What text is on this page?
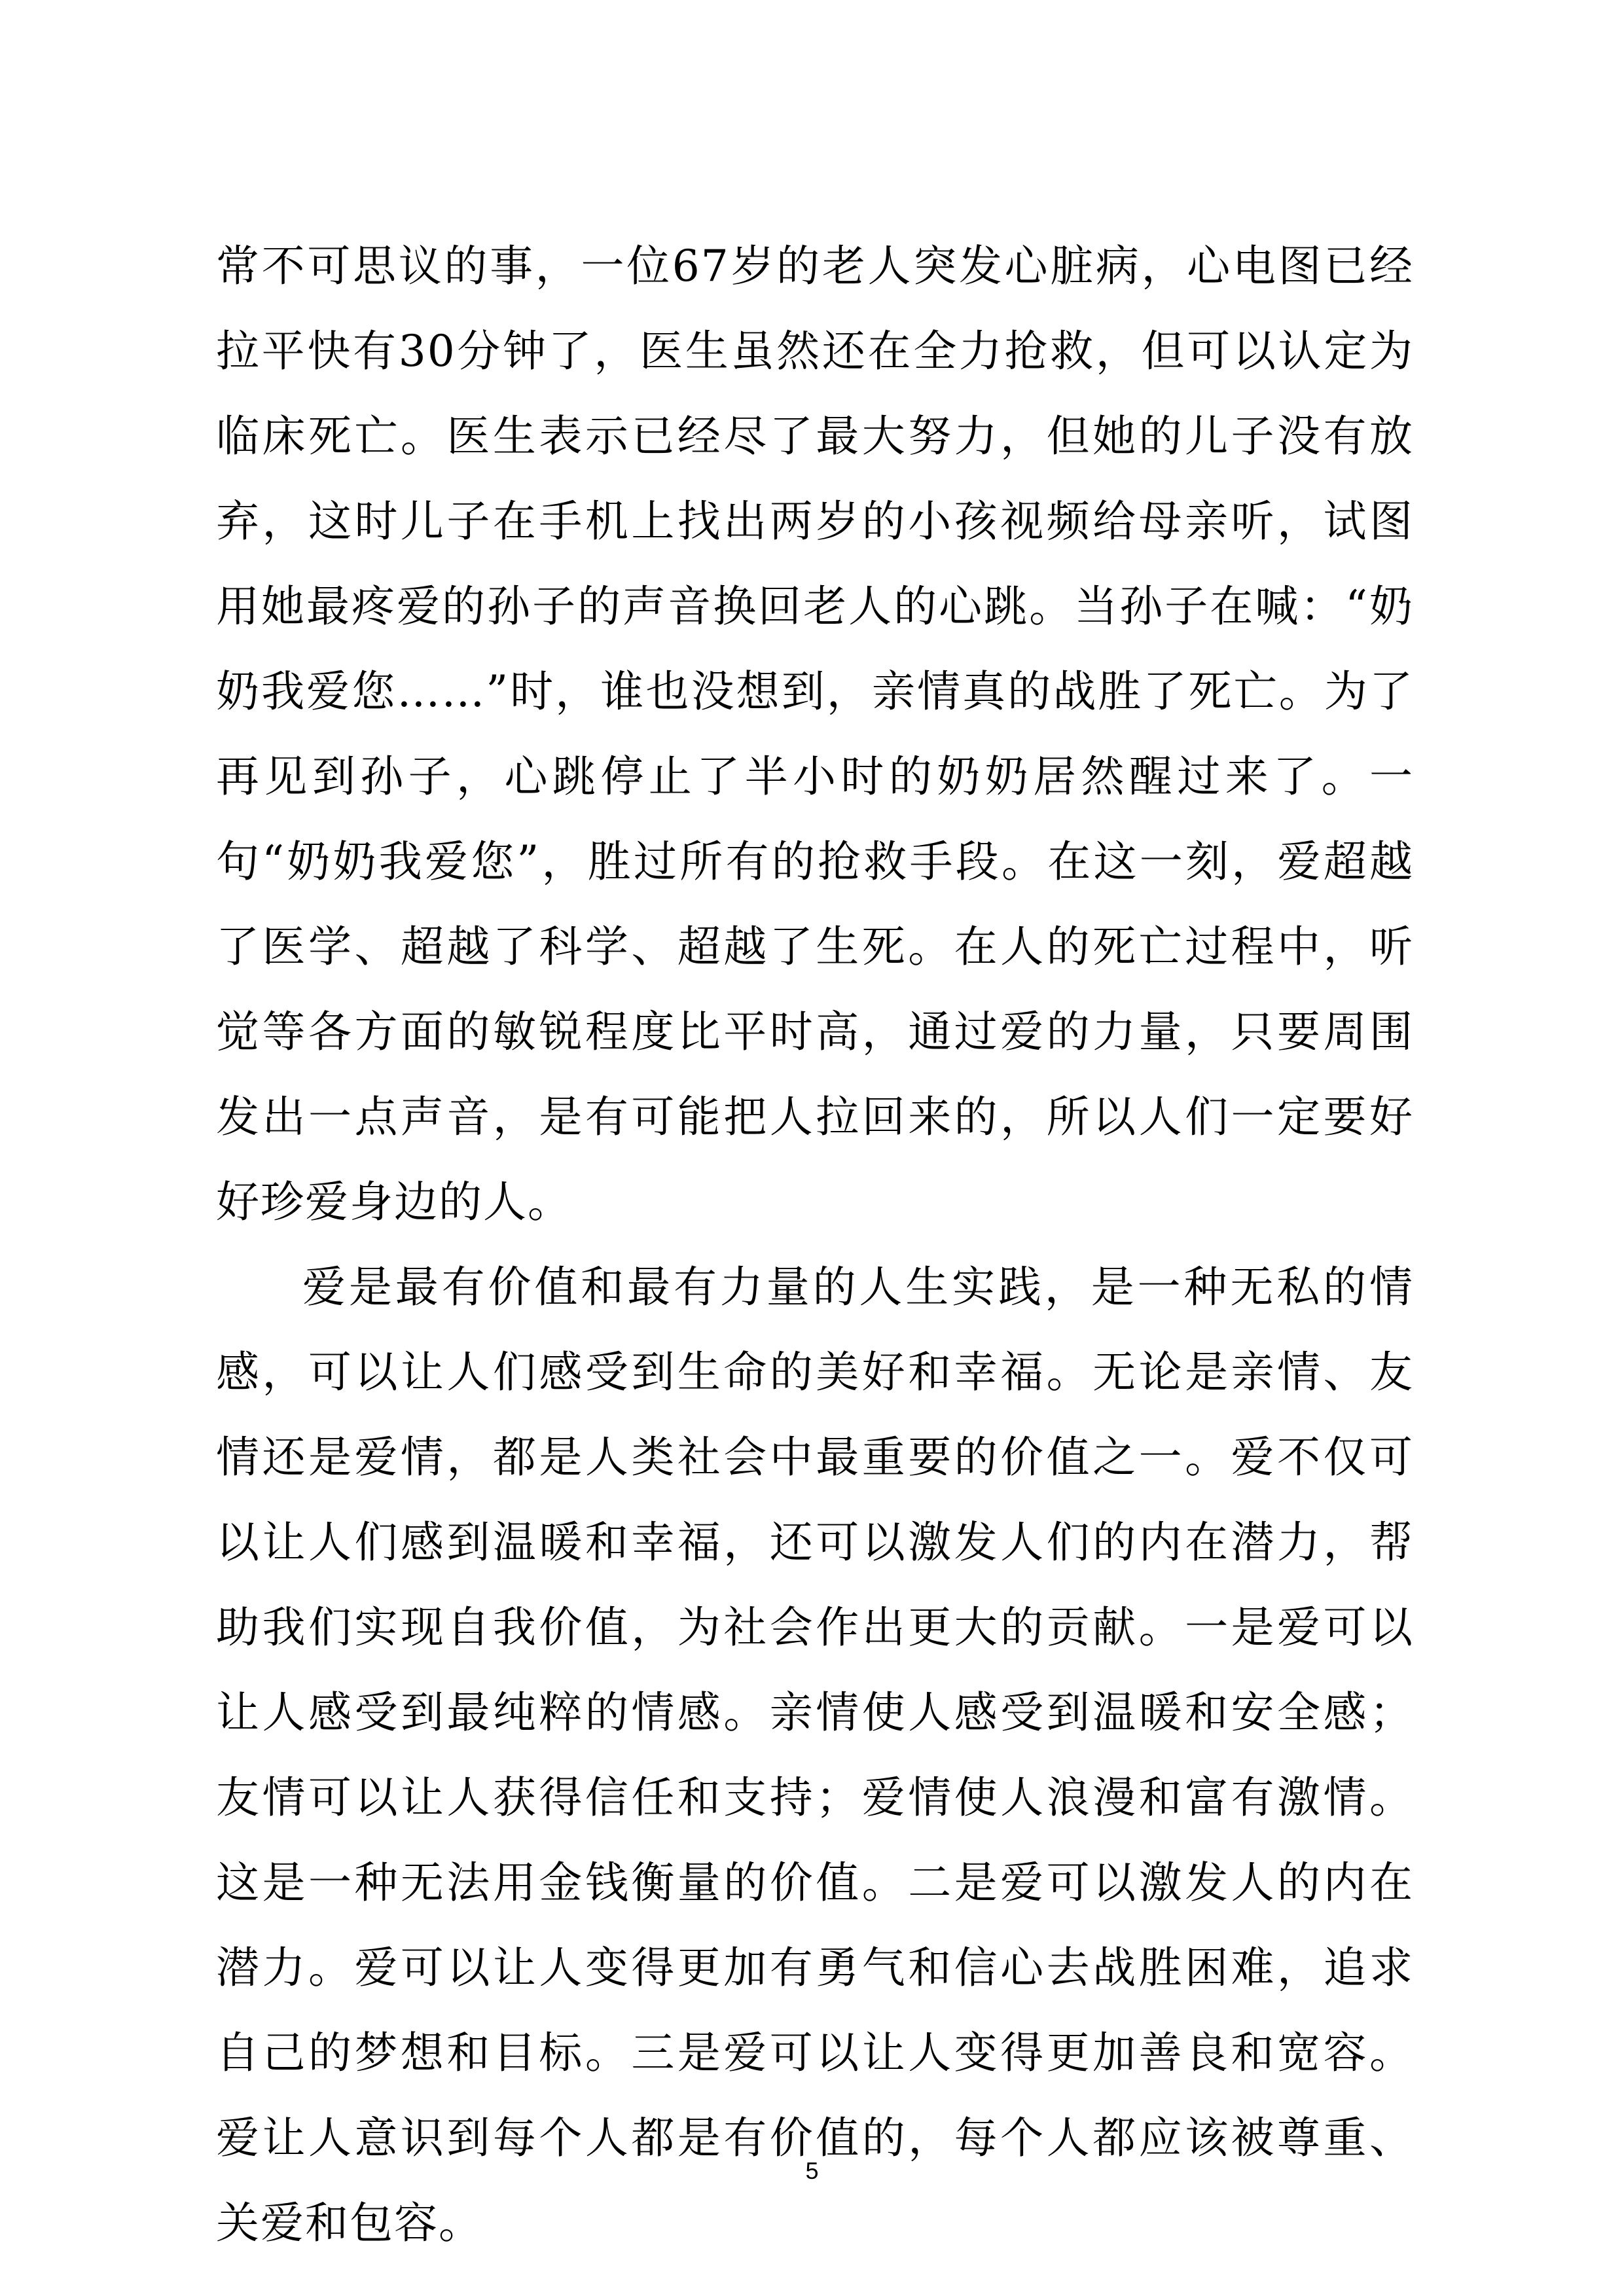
常不可思议的事，一位67岁的老人突发心脏病，心电图已经拉平快有30分钟了，医生虽然还在全力抢救，但可以认定为临床死亡。医生表示已经尽了最大努力，但她的儿子没有放弃，这时儿子在手机上找出两岁的小孩视频给母亲听，试图用她最疼爱的孙子的声音换回老人的心跳。当孙子在喊：“奶奶我爱您……”时，谁也没想到，亲情真的战胜了死亡。为了再见到孙子，心跳停止了半小时的奶奶居然醒过来了。一句“奶奶我爱您”，胜过所有的抢救手段。在这一刻，爱超越了医学、超越了科学、超越了生死。在人的死亡过程中，听觉等各方面的敏锐程度比平时高，通过爱的力量，只要周围发出一点声音，是有可能把人拉回来的，所以人们一定要好好珍爱身边的人。

爱是最有价值和最有力量的人生实践，是一种无私的情感，可以让人们感受到生命的美好和幸福。无论是亲情、友情还是爱情，都是人类社会中最重要的价值之一。爱不仅可以让人们感到温暖和幸福，还可以激发人们的内在潜力，帮助我们实现自我价值，为社会作出更大的贡献。一是爱可以让人感受到最纯粹的情感。亲情使人感受到温暖和安全感；友情可以让人获得信任和支持；爱情使人浪漫和富有激情。这是一种无法用金钱衡量的价值。二是爱可以激发人的内在潜力。爱可以让人变得更加有勇气和信心去战胜困难，追求自己的梦想和目标。三是爱可以让人变得更加善良和宽容。爱让人意识到每个人都是有价值的，每个人都应该被尊重、关爱和包容。

5
